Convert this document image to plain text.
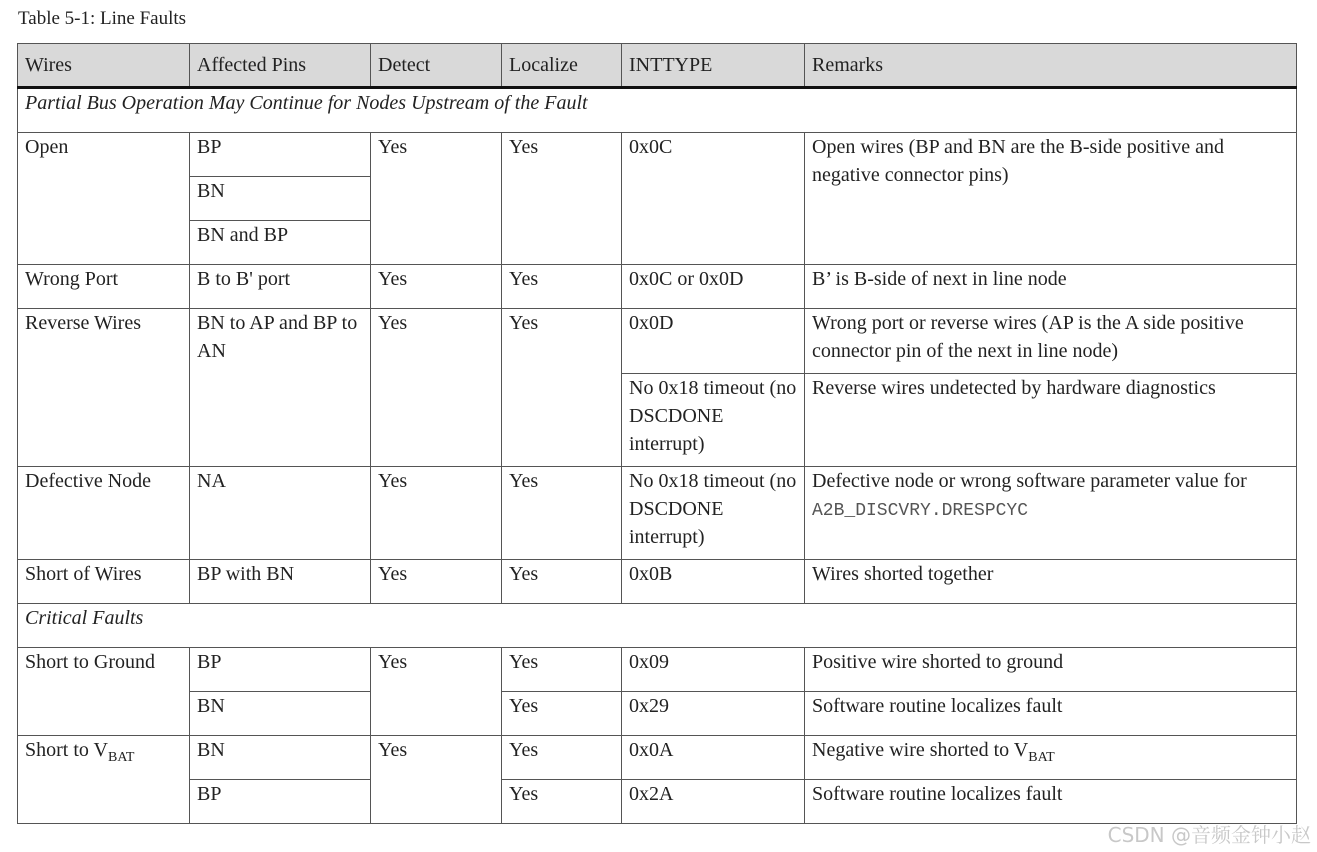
Table 5-1: Line Faults
Wires	Affected Pins	Detect	Localize	INTTYPE	Remarks
Partial Bus Operation May Continue for Nodes Upstream of the Fault					
Open	BP	Yes	Yes	0x0C	Open wires (BP and BN are the B-side positive and negative connector pins)
	BN				
	BN and BP				
Wrong Port	B to B' port	Yes	Yes	0x0C or 0x0D	B’ is B-side of next in line node
Reverse Wires	BN to AP and BP to AN	Yes	Yes	0x0D	Wrong port or reverse wires (AP is the A side positive connector pin of the next in line node)
				No 0x18 timeout (no DSCDONE interrupt)	Reverse wires undetected by hardware diagnostics
Defective Node	NA	Yes	Yes	No 0x18 timeout (no DSCDONE interrupt)	Defective node or wrong software parameter value for
A2B_DISCVRY.DRESPCYC
Short of Wires	BP with BN	Yes	Yes	0x0B	Wires shorted together
Critical Faults					
Short to Ground	BP	Yes	Yes	0x09	Positive wire shorted to ground
	BN		Yes	0x29	Software routine localizes fault
Short to $V_{BAT}$	BN	Yes	Yes	0x0A	Negative wire shorted to $V_{BAT}$
	BP		Yes	0x2A	Software routine localizes fault
CSDN @音频金钟小赵
